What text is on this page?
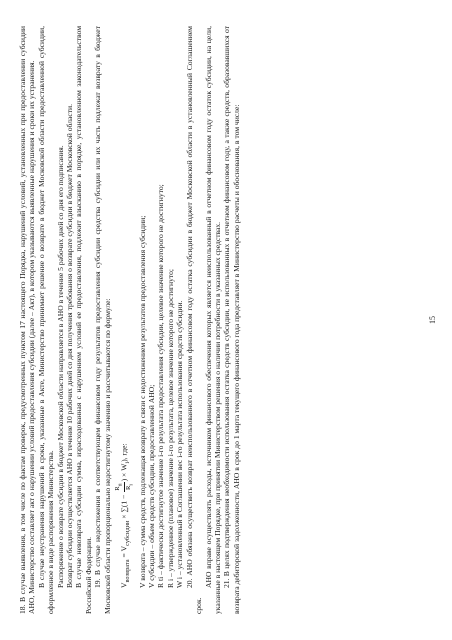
18. В случае выявления, в том числе по фактам проверок, предусмотренных пунктом 17 настоящего Порядка, нарушений условий, установленных при предоставлении субсидии АНО, Министерство составляет акт о нарушении условий предоставления субсидии (далее – Акт), в котором указываются выявленные нарушения и сроки их устранения. В случае неустранения нарушений в сроки, указанные в Акте, Министерство принимает решение о возврате в бюджет Московской области предоставленной субсидии, оформленное в виде распоряжения Министерства. Распоряжение о возврате субсидии в бюджет Московской области направляется в АНО в течение 5 рабочих дней со дня его подписания. Возврат субсидии осуществляется АНО в течение 10 рабочих дней со дня получения требования о возврате субсидии в бюджет Московской области. В случае невозврата субсидии сумма, израсходованная с нарушением условий ее предоставления, подлежит взысканию в порядке, установленном законодательством Российской Федерации. 19. В случае недостижения в соответствующем финансовом году результатов предоставления субсидии средства субсидии или их часть подлежат возврату в бюджет Московской области пропорционально недостигнутому значению и рассчитываются по формуле:	$V_{возврата} = V_{субсидии} \times \sum(1$ −
$R_{ti}$
$R_i$
) × $W_i$), где:	V возврата – сумма средств, подлежащая возврату в связи с недостижением результатов предоставления субсидии; V субсидии – объем средств субсидии, предоставленной АНО; R ti – фактически достигнутое значение i-го результата предоставления субсидии, целевое значение которого не достигнуто; R i – утвержденное (плановое) значение i-го результата, целевое значение которого не достигнуто; W i – установленный в Соглашении вес i-го результата использования средств субсидии. 20. АНО обязана осуществить возврат неиспользованного в отчетном финансовом году остатка субсидии в бюджет Московской области в установленный Соглашением срок.

АНО вправе осуществлять расходы, источником финансового обеспечения которых является неиспользованный в отчетном финансовом году остаток субсидии, на цели, указанные в настоящем Порядке, при принятии Министерством решения о наличии потребности в указанных средствах. 21. В целях подтверждения необходимости использования остатка средств субсидии, не использованных в отчетном финансовом году, а также средств, образовавшихся от возврата дебиторской задолженности, АНО в срок до 1 марта текущего финансового года представляет в Министерство расчеты и обоснования, в том числе:	15
